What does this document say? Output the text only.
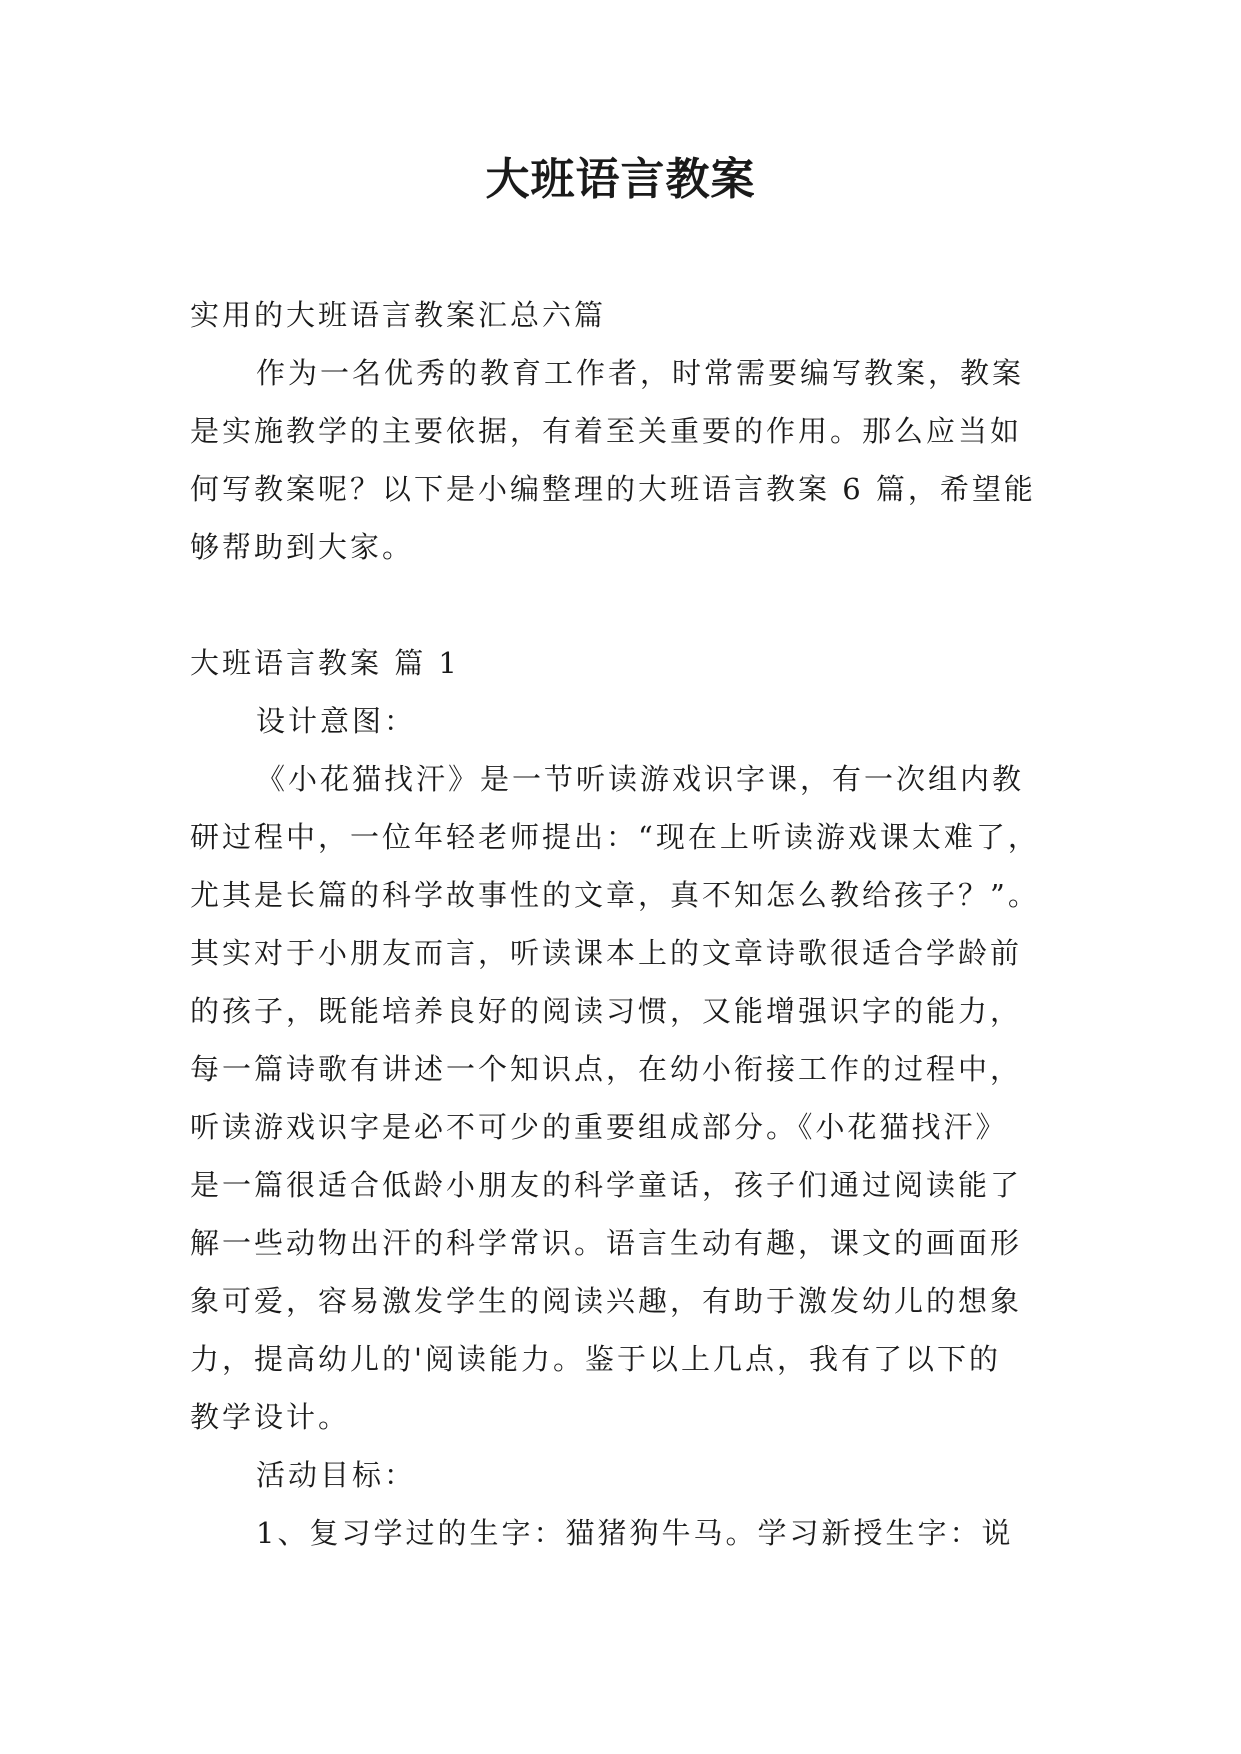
大班语言教案
实用的大班语言教案汇总六篇
作为一名优秀的教育工作者，时常需要编写教案，教案
是实施教学的主要依据，有着至关重要的作用。那么应当如
何写教案呢？以下是小编整理的大班语言教案 6 篇，希望能
够帮助到大家。
大班语言教案 篇 1
设计意图：
《小花猫找汗》是一节听读游戏识字课，有一次组内教
研过程中，一位年轻老师提出：“现在上听读游戏课太难了，
尤其是长篇的科学故事性的文章，真不知怎么教给孩子？”。
其实对于小朋友而言，听读课本上的文章诗歌很适合学龄前
的孩子，既能培养良好的阅读习惯，又能增强识字的能力，
每一篇诗歌有讲述一个知识点，在幼小衔接工作的过程中，
听读游戏识字是必不可少的重要组成部分。《小花猫找汗》
是一篇很适合低龄小朋友的科学童话，孩子们通过阅读能了
解一些动物出汗的科学常识。语言生动有趣，课文的画面形
象可爱，容易激发学生的阅读兴趣，有助于激发幼儿的想象
力，提高幼儿的'阅读能力。鉴于以上几点，我有了以下的
教学设计。
活动目标：
1、复习学过的生字：猫猪狗牛马。学习新授生字：说
